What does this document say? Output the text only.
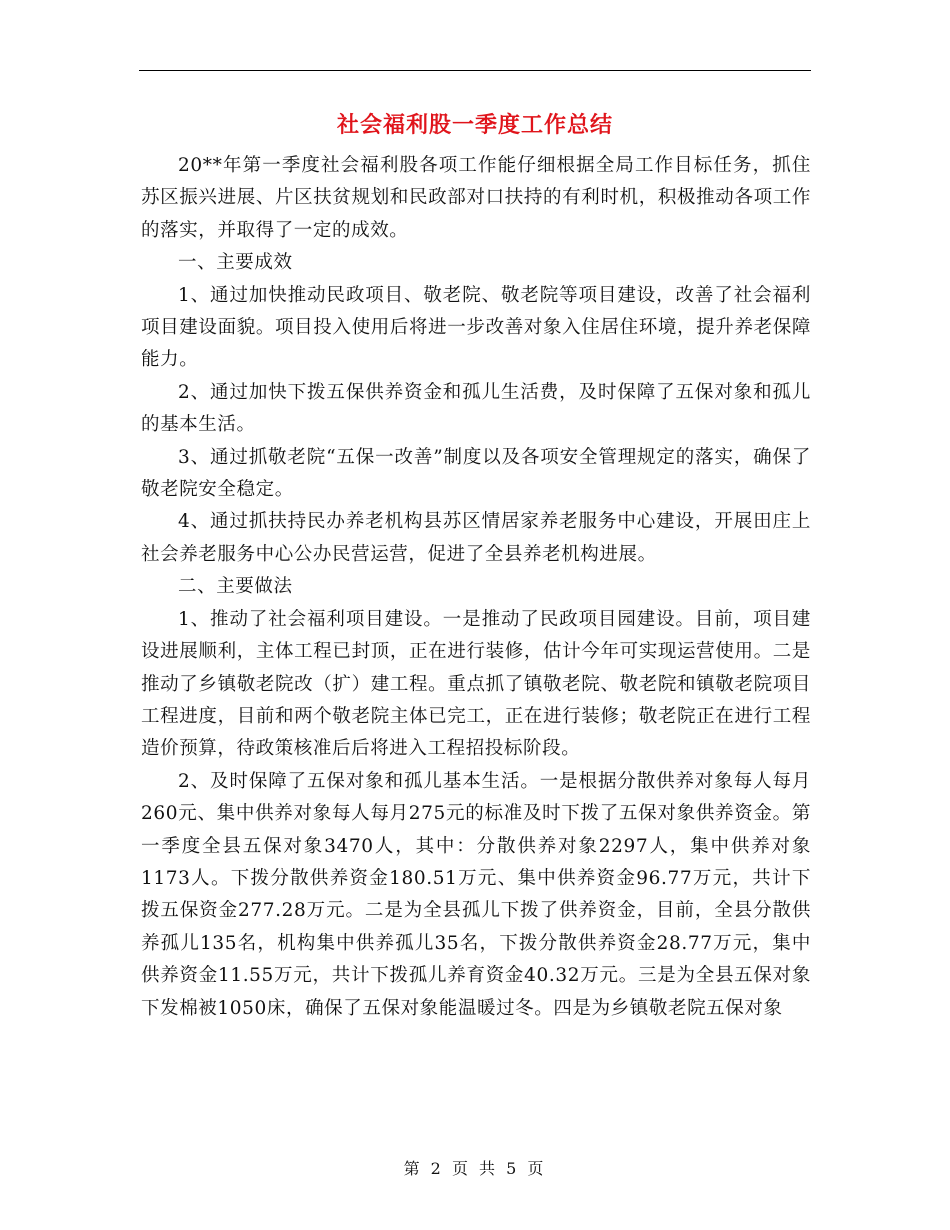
社会福利股一季度工作总结

20**年第一季度社会福利股各项工作能仔细根据全局工作目标任务，抓住苏区振兴进展、片区扶贫规划和民政部对口扶持的有利时机，积极推动各项工作的落实，并取得了一定的成效。

一、主要成效

1、通过加快推动民政项目、敬老院、敬老院等项目建设，改善了社会福利项目建设面貌。项目投入使用后将进一步改善对象入住居住环境，提升养老保障能力。

2、通过加快下拨五保供养资金和孤儿生活费，及时保障了五保对象和孤儿的基本生活。

3、通过抓敬老院“五保一改善”制度以及各项安全管理规定的落实，确保了敬老院安全稳定。

4、通过抓扶持民办养老机构县苏区情居家养老服务中心建设，开展田庄上社会养老服务中心公办民营运营，促进了全县养老机构进展。

二、主要做法

1、推动了社会福利项目建设。一是推动了民政项目园建设。目前，项目建设进展顺利，主体工程已封顶，正在进行装修，估计今年可实现运营使用。二是推动了乡镇敬老院改（扩）建工程。重点抓了镇敬老院、敬老院和镇敬老院项目工程进度，目前和两个敬老院主体已完工，正在进行装修；敬老院正在进行工程造价预算，待政策核准后后将进入工程招投标阶段。

2、及时保障了五保对象和孤儿基本生活。一是根据分散供养对象每人每月260元、集中供养对象每人每月275元的标准及时下拨了五保对象供养资金。第一季度全县五保对象3470人，其中：分散供养对象2297人，集中供养对象1173人。下拨分散供养资金180.51万元、集中供养资金96.77万元，共计下拨五保资金277.28万元。二是为全县孤儿下拨了供养资金，目前，全县分散供养孤儿135名，机构集中供养孤儿35名，下拨分散供养资金28.77万元，集中供养资金11.55万元，共计下拨孤儿养育资金40.32万元。三是为全县五保对象下发棉被1050床，确保了五保对象能温暖过冬。四是为乡镇敬老院五保对象

第 2 页 共 5 页
